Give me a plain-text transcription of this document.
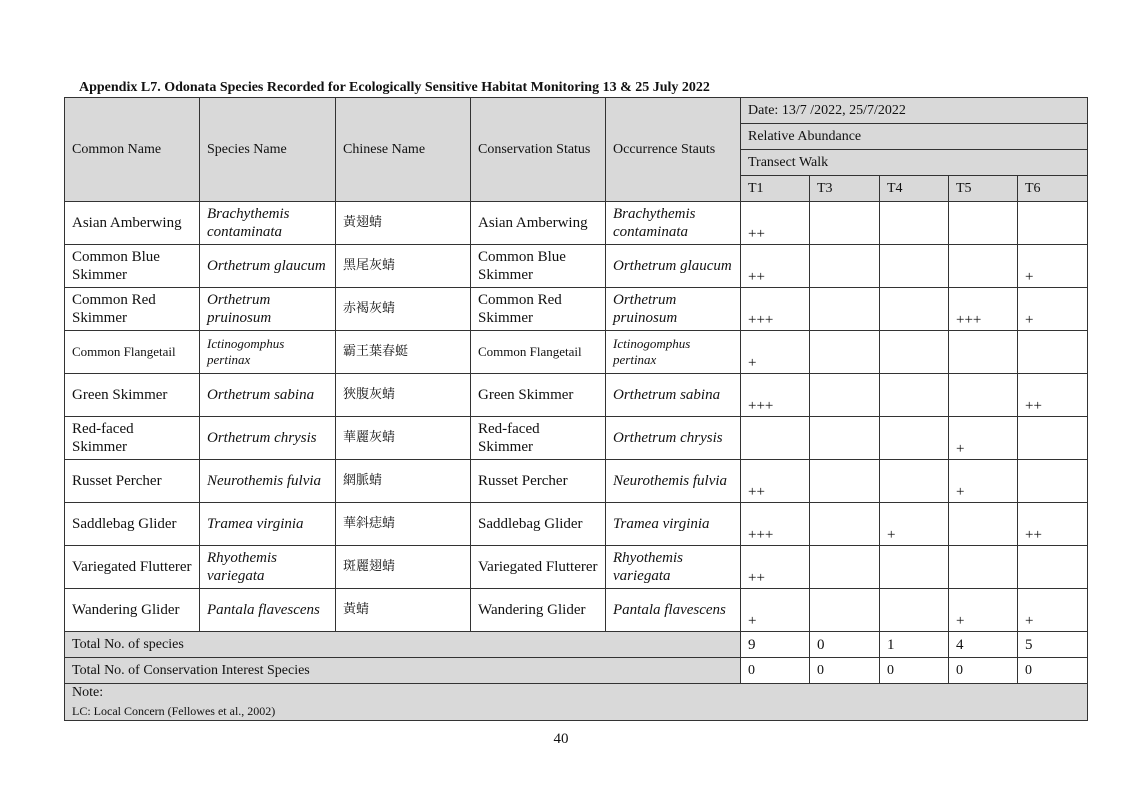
Appendix L7. Odonata Species Recorded for Ecologically Sensitive Habitat Monitoring 13 & 25 July 2022
Common Name	Species Name	Chinese Name	Conservation Status	Occurrence Stauts	Date: 13/7 /2022, 25/7/2022				
					Relative Abundance				
					Transect Walk				
					T1	T3	T4	T5	T6
Asian Amberwing	Brachythemis contaminata	黃翅蜻	Asian Amberwing	Brachythemis contaminata	++				
Common Blue Skimmer	Orthetrum glaucum	黑尾灰蜻	Common Blue Skimmer	Orthetrum glaucum	++				+
Common Red Skimmer	Orthetrum pruinosum	赤褐灰蜻	Common Red Skimmer	Orthetrum pruinosum	+++			+++	+
Common Flangetail	Ictinogomphus pertinax	霸王葉春蜓	Common Flangetail	Ictinogomphus pertinax	+				
Green Skimmer	Orthetrum sabina	狹腹灰蜻	Green Skimmer	Orthetrum sabina	+++				++
Red-faced Skimmer	Orthetrum chrysis	華麗灰蜻	Red-faced Skimmer	Orthetrum chrysis				+	
Russet Percher	Neurothemis fulvia	網脈蜻	Russet Percher	Neurothemis fulvia	++			+	
Saddlebag Glider	Tramea virginia	華斜痣蜻	Saddlebag Glider	Tramea virginia	+++		+		++
Variegated Flutterer	Rhyothemis variegata	斑麗翅蜻	Variegated Flutterer	Rhyothemis variegata	++				
Wandering Glider	Pantala flavescens	黃蜻	Wandering Glider	Pantala flavescens	+			+	+
Total No. of species					9	0	1	4	5
Total No. of Conservation Interest Species					0	0	0	0	0

Note:
LC: Local Concern (Fellowes et al., 2002)									
40
